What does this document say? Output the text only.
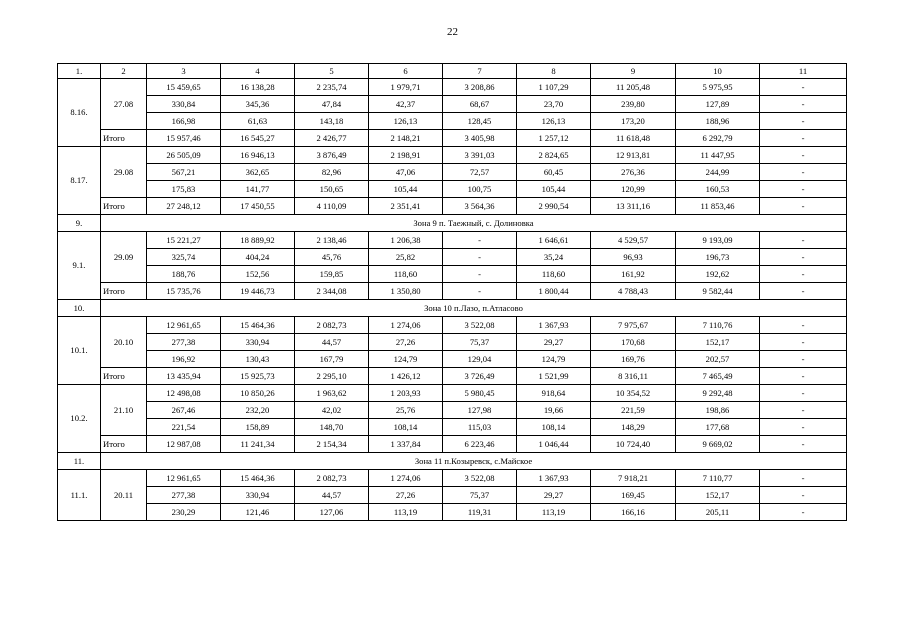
22
1.	2	3	4	5	6	7	8	9	10	11
8.16.	27.08	15 459,65	16 138,28	2 235,74	1 979,71	3 208,86	1 107,29	11 205,48	5 975,95	-
		330,84	345,36	47,84	42,37	68,67	23,70	239,80	127,89	-
		166,98	61,63	143,18	126,13	128,45	126,13	173,20	188,96	-
	Итого	15 957,46	16 545,27	2 426,77	2 148,21	3 405,98	1 257,12	11 618,48	6 292,79	-
8.17.	29.08	26 505,09	16 946,13	3 876,49	2 198,91	3 391,03	2 824,65	12 913,81	11 447,95	-
		567,21	362,65	82,96	47,06	72,57	60,45	276,36	244,99	-
		175,83	141,77	150,65	105,44	100,75	105,44	120,99	160,53	-
	Итого	27 248,12	17 450,55	4 110,09	2 351,41	3 564,36	2 990,54	13 311,16	11 853,46	-
9.	Зона 9 п. Таежный, с. Долиновка									
9.1.	29.09	15 221,27	18 889,92	2 138,46	1 206,38	-	1 646,61	4 529,57	9 193,09	-
		325,74	404,24	45,76	25,82	-	35,24	96,93	196,73	-
		188,76	152,56	159,85	118,60	-	118,60	161,92	192,62	-
	Итого	15 735,76	19 446,73	2 344,08	1 350,80	-	1 800,44	4 788,43	9 582,44	-
10.	Зона 10 п.Лазо, п.Атласово									
10.1.	20.10	12 961,65	15 464,36	2 082,73	1 274,06	3 522,08	1 367,93	7 975,67	7 110,76	-
		277,38	330,94	44,57	27,26	75,37	29,27	170,68	152,17	-
		196,92	130,43	167,79	124,79	129,04	124,79	169,76	202,57	-
	Итого	13 435,94	15 925,73	2 295,10	1 426,12	3 726,49	1 521,99	8 316,11	7 465,49	-
10.2.	21.10	12 498,08	10 850,26	1 963,62	1 203,93	5 980,45	918,64	10 354,52	9 292,48	-
		267,46	232,20	42,02	25,76	127,98	19,66	221,59	198,86	-
		221,54	158,89	148,70	108,14	115,03	108,14	148,29	177,68	-
	Итого	12 987,08	11 241,34	2 154,34	1 337,84	6 223,46	1 046,44	10 724,40	9 669,02	-
11.	Зона 11 п.Козыревск, с.Майское									
11.1.	20.11	12 961,65	15 464,36	2 082,73	1 274,06	3 522,08	1 367,93	7 918,21	7 110,77	-
		277,38	330,94	44,57	27,26	75,37	29,27	169,45	152,17	-
		230,29	121,46	127,06	113,19	119,31	113,19	166,16	205,11	-
